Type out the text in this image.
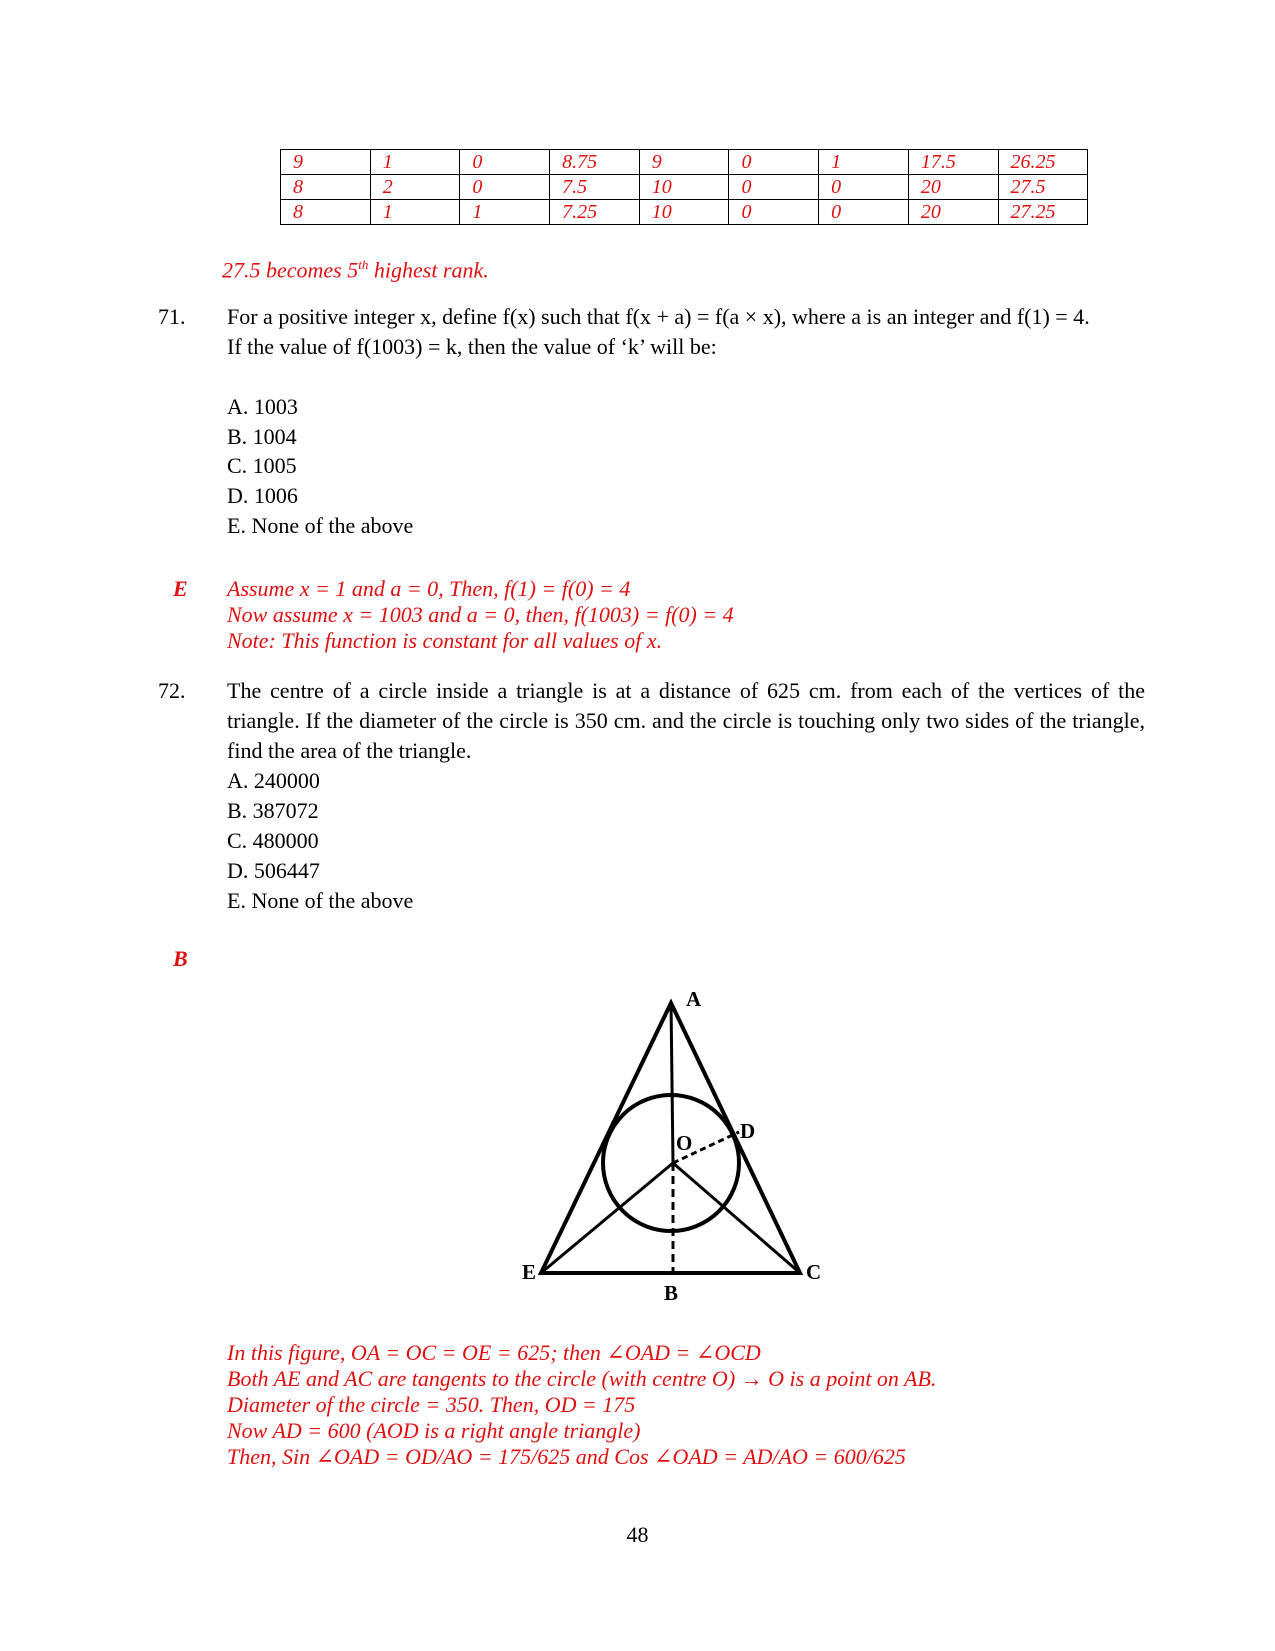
9	1	0	8.75	9	0	1	17.5	26.25
8	2	0	7.5	10	0	0	20	27.5
8	1	1	7.25	10	0	0	20	27.25
27.5 becomes 5th highest rank.
71. For a positive integer x, define f(x) such that f(x + a) = f(a × x), where a is an integer and f(1) = 4.
If the value of f(1003) = k, then the value of ‘k’ will be:
A. 1003
B. 1004
C. 1005
D. 1006
E. None of the above
E Assume x = 1 and a = 0, Then, f(1) = f(0) = 4
Now assume x = 1003 and a = 0, then, f(1003) = f(0) = 4
Note: This function is constant for all values of x.
72. The centre of a circle inside a triangle is at a distance of 625 cm. from each of the vertices of the triangle. If the diameter of the circle is 350 cm. and the circle is touching only two sides of the triangle, find the area of the triangle.
A. 240000
B. 387072
C. 480000
D. 506447
E. None of the above
B
A
D
O
E	C
B
In this figure, OA = OC = OE = 625; then ∠OAD = ∠OCD
Both AE and AC are tangents to the circle (with centre O) → O is a point on AB.
Diameter of the circle = 350. Then, OD = 175
Now AD = 600 (AOD is a right angle triangle)
Then, Sin ∠OAD = OD/AO = 175/625 and Cos ∠OAD = AD/AO = 600/625
48
